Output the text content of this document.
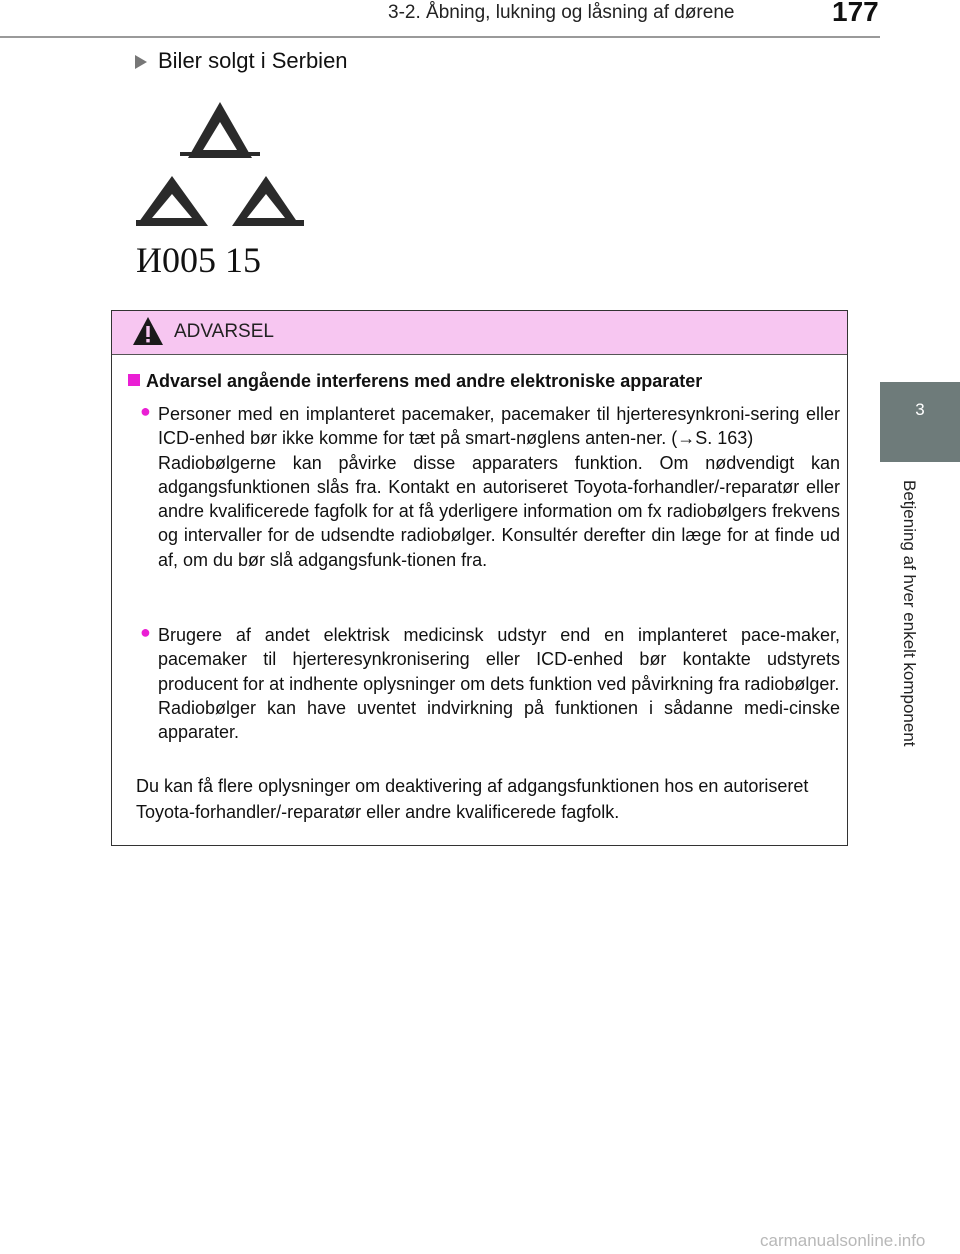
3-2. Åbning, lukning og låsning af dørene	177
3
Betjening af hver enkelt komponent
Biler solgt i Serbien
И005 15
ADVARSEL
Advarsel angående interferens med andre elektroniske apparater
● Personer med en implanteret pacemaker, pacemaker til hjerteresynkroni-sering eller ICD-enhed bør ikke komme for tæt på smart-nøglens anten-ner. (→S. 163)

Radiobølgerne kan påvirke disse apparaters funktion. Om nødvendigt kan adgangsfunktionen slås fra. Kontakt en autoriseret Toyota-forhandler/-reparatør eller andre kvalificerede fagfolk for at få yderligere information om fx radiobølgers frekvens og intervaller for de udsendte radiobølger. Konsultér derefter din læge for at finde ud af, om du bør slå adgangsfunk-tionen fra.

● Brugere af andet elektrisk medicinsk udstyr end en implanteret pace-maker, pacemaker til hjerteresynkronisering eller ICD-enhed bør kontakte udstyrets producent for at indhente oplysninger om dets funktion ved påvirkning fra radiobølger.

Radiobølger kan have uventet indvirkning på funktionen i sådanne medi-cinske apparater.

Du kan få flere oplysninger om deaktivering af adgangsfunktionen hos en autoriseret Toyota-forhandler/-reparatør eller andre kvalificerede fagfolk.
carmanualsonline.info
